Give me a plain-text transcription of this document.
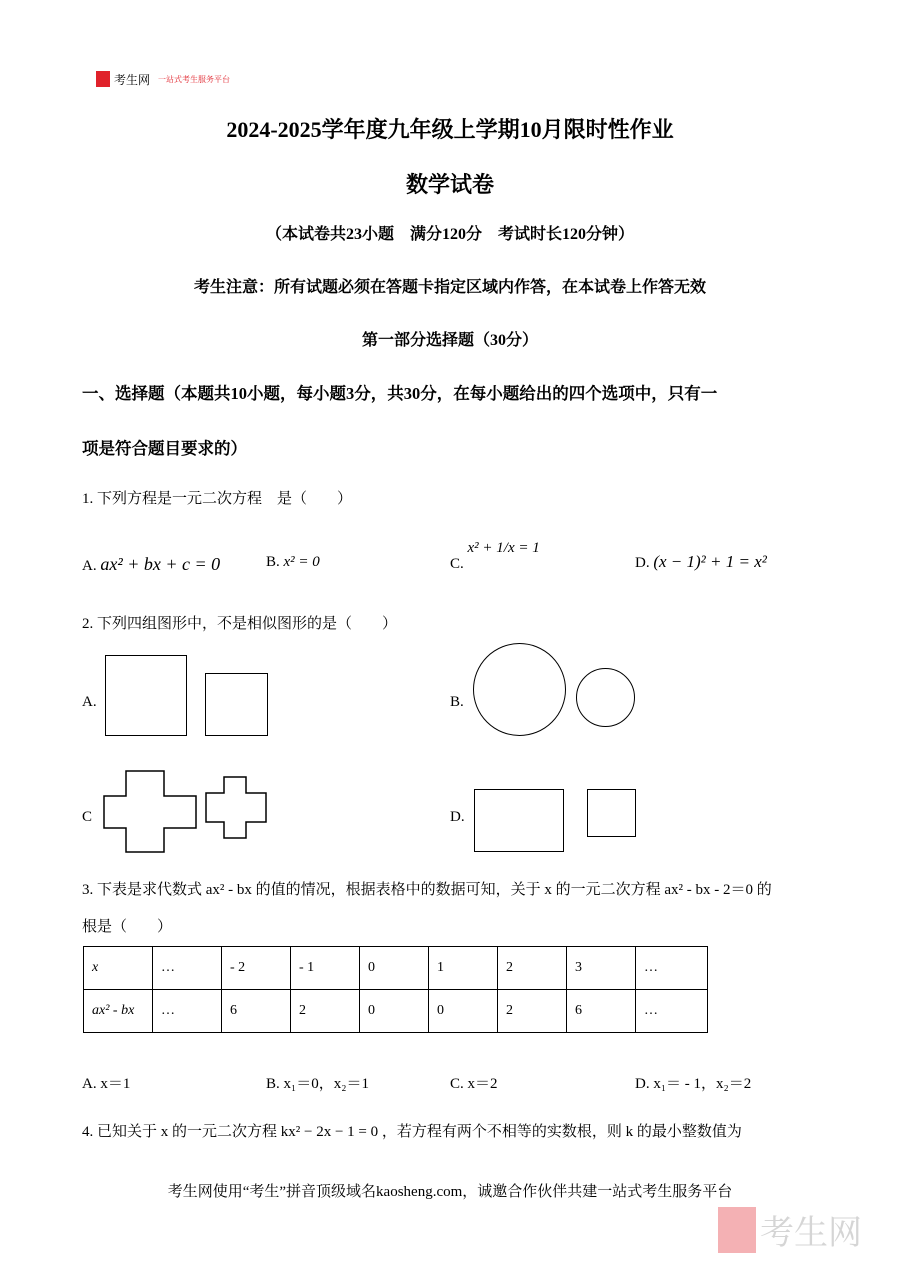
考生网 一站式考生服务平台
2024-2025学年度九年级上学期10月限时性作业
数学试卷
（本试卷共23小题　满分120分　考试时长120分钟）
考生注意：所有试题必须在答题卡指定区域内作答，在本试卷上作答无效
第一部分选择题（30分）
一、选择题（本题共10小题，每小题3分，共30分，在每小题给出的四个选项中，只有一
项是符合题目要求的）
1. 下列方程是一元二次方程　是（　　）
A. ax² + bx + c = 0	B. x² = 0	C. x² + 1/x = 1
D. (x − 1)² + 1 = x²
2. 下列四组图形中，不是相似图形的是（　　）
A.	B.
C	D.
3. 下表是求代数式 ax² - bx 的值的情况，根据表格中的数据可知，关于 x 的一元二次方程 ax² - bx - 2＝0 的
根是（　　）
x	…	- 2	- 1	0	1	2	3	…
ax² - bx	…	6	2	0	0	2	6	…
A. x＝1	B. x₁＝0，x₂＝1	C. x＝2	D. x₁＝ - 1，x₂＝2
4. 已知关于 x 的一元二次方程 kx² − 2x − 1 = 0 ，若方程有两个不相等的实数根，则 k 的最小整数值为
考生网使用“考生”拼音顶级域名kaosheng.com，诚邀合作伙伴共建一站式考生服务平台
考生网
